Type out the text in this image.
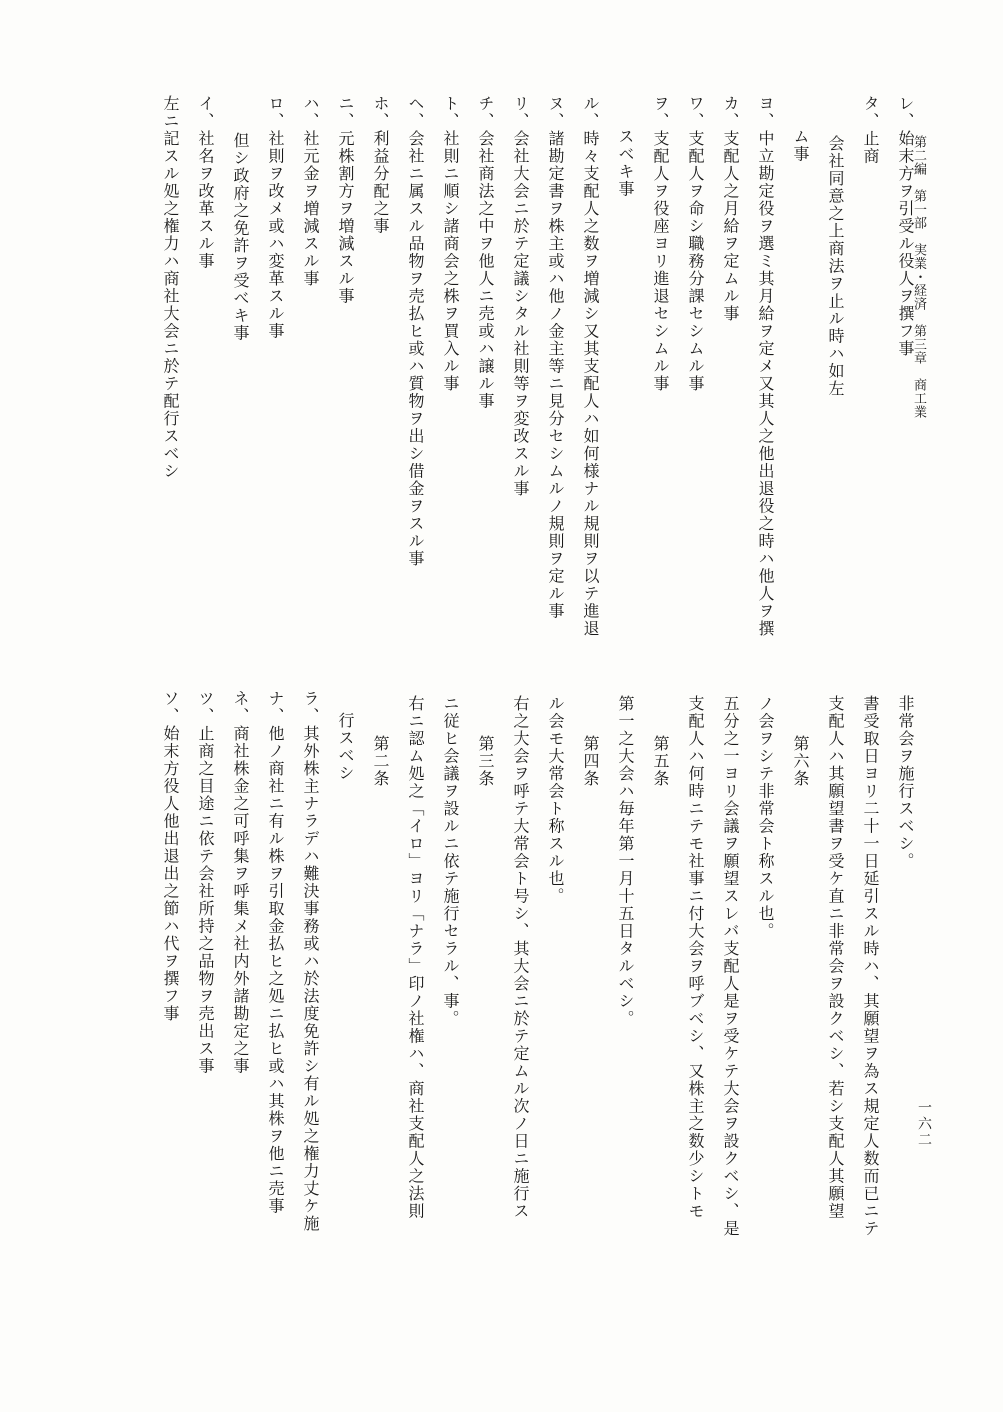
第二編　第一部　実業・経済　第三章　商工業
一六二
左ニ記スル処之権力ハ商社大会ニ於テ配行スベシ イ、社名ヲ改革スル事 但シ政府之免許ヲ受べキ事 ロ、社則ヲ改メ或ハ変革スル事 ハ、社元金ヲ増減スル事 ニ、元株割方ヲ増減スル事 ホ、利益分配之事 ヘ、会社ニ属スル品物ヲ売払ヒ或ハ質物ヲ出シ借金ヲスル事 ト、社則ニ順シ諸商会之株ヲ買入ル事 チ、会社商法之中ヲ他人ニ売或ハ譲ル事 リ、会社大会ニ於テ定議シタル社則等ヲ変改スル事 ヌ、諸勘定書ヲ株主或ハ他ノ金主等ニ見分セシムルノ規則ヲ定ル事 ル、時々支配人之数ヲ増減シ又其支配人ハ如何様ナル規則ヲ以テ進退 スベキ事 ヲ、支配人ヲ役座ヨリ進退セシムル事 ワ、支配人ヲ命シ職務分課セシムル事 カ、支配人之月給ヲ定ムル事 ヨ、中立勘定役ヲ選ミ其月給ヲ定メ又其人之他出退役之時ハ他人ヲ撰 ム事 会社同意之上商法ヲ止ル時ハ如左
タ、止商 レ、始末方ヲ引受ル役人ヲ撰フ事
ソ、始末方役人他出退出之節ハ代ヲ撰フ事 ツ、止商之目途ニ依テ会社所持之品物ヲ売出ス事 ネ、商社株金之可呼集ヲ呼集メ社内外諸勘定之事 ナ、他ノ商社ニ有ル株ヲ引取金払ヒ之処ニ払ヒ或ハ其株ヲ他ニ売事 ラ、其外株主ナラデハ難決事務或ハ於法度免許シ有ル処之権力丈ケ施 行スベシ 第二条 右ニ認ム処之「イロ」ヨリ「ナラ」印ノ社権ハ、商社支配人之法則 ニ従ヒ会議ヲ設ルニ依テ施行セラル、事。 第三条 右之大会ヲ呼テ大常会ト号シ、其大会ニ於テ定ムル次ノ日ニ施行ス ル会モ大常会ト称スル也。 第四条 第一之大会ハ毎年第一月十五日タルベシ。 第五条 支配人ハ何時ニテモ社事ニ付大会ヲ呼ブベシ、又株主之数少シトモ 五分之一ヨリ会議ヲ願望スレバ支配人是ヲ受ケテ大会ヲ設クベシ、是 ノ会ヲシテ非常会ト称スル也。 第六条 支配人ハ其願望書ヲ受ケ直ニ非常会ヲ設クベシ、若シ支配人其願望 書受取日ヨリ二十一日延引スル時ハ、其願望ヲ為ス規定人数而已ニテ 非常会ヲ施行スベシ。
